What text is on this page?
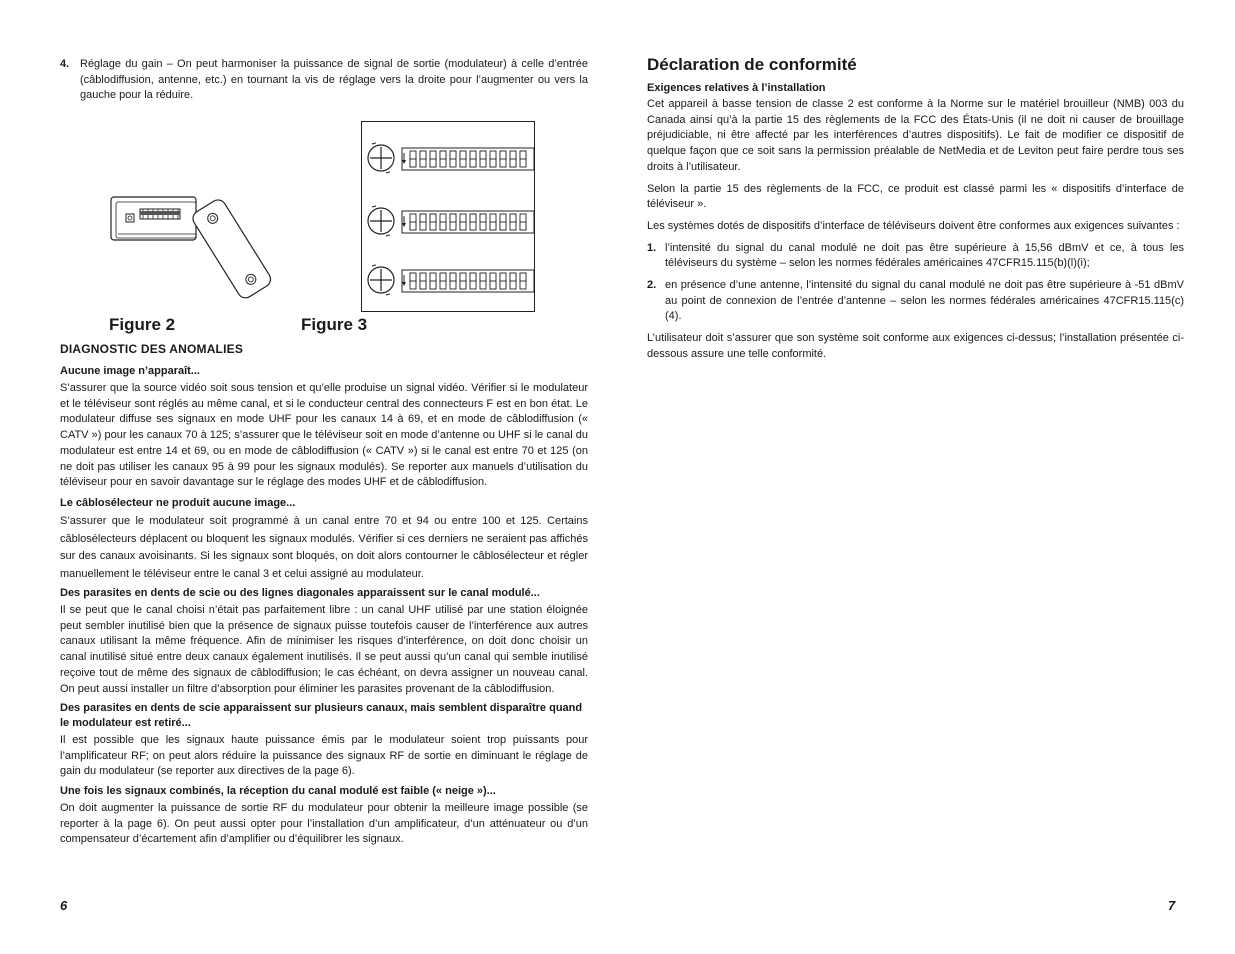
4. Réglage du gain – On peut harmoniser la puissance de signal de sortie (modulateur) à celle d’entrée (câblodiffusion, antenne, etc.) en tournant la vis de réglage vers la droite pour l’augmenter ou vers la gauche pour la réduire.

Figure 2	Figure 3
DIAGNOSTIC DES ANOMALIES
Aucune image n’apparaît...

S’assurer que la source vidéo soit sous tension et qu’elle produise un signal vidéo. Vérifier si le modulateur et le téléviseur sont réglés au même canal, et si le conducteur central des connecteurs F est en bon état. Le modulateur diffuse ses signaux en mode UHF pour les canaux 14 à 69, et en mode de câblodiffusion (« CATV ») pour les canaux 70 à 125; s’assurer que le téléviseur soit en mode d’antenne ou UHF si le canal du modulateur est entre 14 et 69, ou en mode de câblodiffusion (« CATV ») si le canal est entre 70 et 125 (on ne doit pas utiliser les canaux 95 à 99 pour les signaux modulés). Se reporter aux manuels d’utilisation du téléviseur pour en savoir davantage sur le réglage des modes UHF et de câblodiffusion.

Le câblosélecteur ne produit aucune image...

S’assurer que le modulateur soit programmé à un canal entre 70 et 94 ou entre 100 et 125. Certains câblosélecteurs déplacent ou bloquent les signaux modulés. Vérifier si ces derniers ne seraient pas affichés sur des canaux avoisinants. Si les signaux sont bloqués, on doit alors contourner le câblosélecteur et régler manuellement le téléviseur entre le canal 3 et celui assigné au modulateur.

Des parasites en dents de scie ou des lignes diagonales apparaissent sur le canal modulé...

Il se peut que le canal choisi n’était pas parfaitement libre : un canal UHF utilisé par une station éloignée peut sembler inutilisé bien que la présence de signaux puisse toutefois causer de l’interférence aux autres canaux utilisant la même fréquence. Afin de minimiser les risques d’interférence, on doit donc choisir un canal inutilisé situé entre deux canaux également inutilisés. Il se peut aussi qu’un canal qui semble inutilisé reçoive tout de même des signaux de câblodiffusion; le cas échéant, on devra assigner un nouveau canal. On peut aussi installer un filtre d’absorption pour éliminer les parasites provenant de la câblodiffusion.

Des parasites en dents de scie apparaissent sur plusieurs canaux, mais semblent disparaître quand le modulateur est retiré...

Il est possible que les signaux haute puissance émis par le modulateur soient trop puissants pour l’amplificateur RF; on peut alors réduire la puissance des signaux RF de sortie en diminuant le réglage de gain du modulateur (se reporter aux directives de la page 6).

Une fois les signaux combinés, la réception du canal modulé est faible (« neige »)...

On doit augmenter la puissance de sortie RF du modulateur pour obtenir la meilleure image possible (se reporter à la page 6). On peut aussi opter pour l’installation d’un amplificateur, d’un atténuateur ou d’un compensateur d’écartement afin d’amplifier ou d’équilibrer les signaux.

6
Déclaration de conformité
Exigences relatives à l’installation

Cet appareil à basse tension de classe 2 est conforme à la Norme sur le matériel brouilleur (NMB) 003 du Canada ainsi qu’à la partie 15 des règlements de la FCC des États-Unis (il ne doit ni causer de brouillage préjudiciable, ni être affecté par les interférences d’autres dispositifs). Le fait de modifier ce dispositif de quelque façon que ce soit sans la permission préalable de NetMedia et de Leviton peut faire perdre tous ses droits à l’utilisateur.

Selon la partie 15 des règlements de la FCC, ce produit est classé parmi les « dispositifs d’interface de téléviseur ».

Les systèmes dotés de dispositifs d’interface de téléviseurs doivent être conformes aux exigences suivantes :

1. l’intensité du signal du canal modulé ne doit pas être supérieure à 15,56 dBmV et ce, à tous les téléviseurs du système – selon les normes fédérales américaines 47CFR15.115(b)(l)(i);

2. en présence d’une antenne, l’intensité du signal du canal modulé ne doit pas être supérieure à -51 dBmV au point de connexion de l’entrée d’antenne – selon les normes fédérales américaines 47CFR15.115(c)(4).

L’utilisateur doit s’assurer que son système soit conforme aux exigences ci-dessus; l’installation présentée ci-dessous assure une telle conformité.

7
